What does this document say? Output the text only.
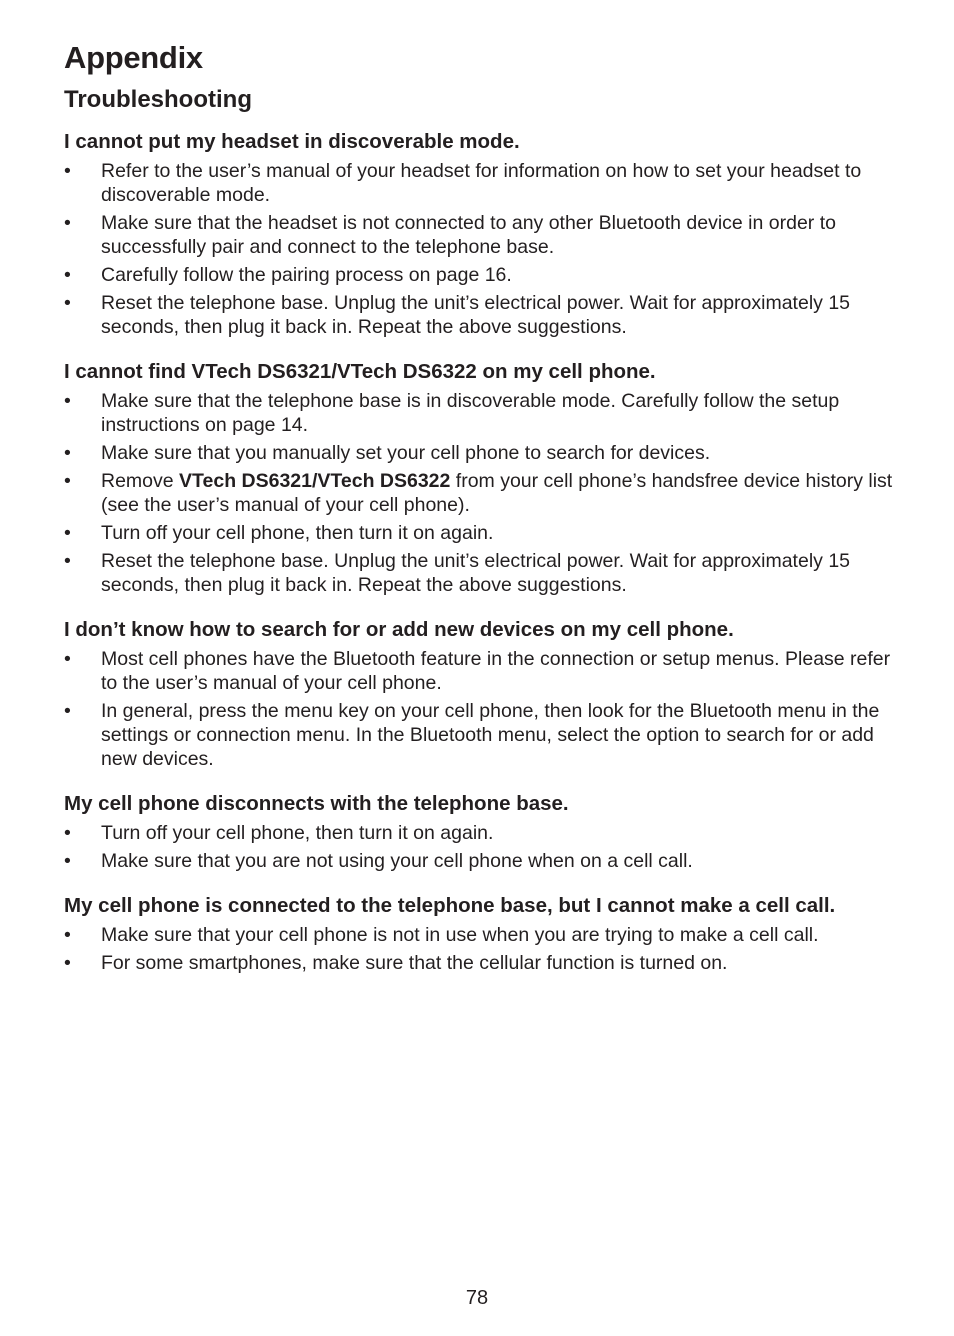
Appendix
Troubleshooting
I cannot put my headset in discoverable mode.
• Refer to the user’s manual of your headset for information on how to set your headset to discoverable mode.
• Make sure that the headset is not connected to any other Bluetooth device in order to successfully pair and connect to the telephone base.
• Carefully follow the pairing process on page 16.
• Reset the telephone base. Unplug the unit’s electrical power. Wait for approximately 15 seconds, then plug it back in. Repeat the above suggestions.
I cannot find VTech DS6321/VTech DS6322 on my cell phone.
• Make sure that the telephone base is in discoverable mode. Carefully follow the setup instructions on page 14.
• Make sure that you manually set your cell phone to search for devices.
• Remove VTech DS6321/VTech DS6322 from your cell phone’s handsfree device history list (see the user’s manual of your cell phone).
• Turn off your cell phone, then turn it on again.
• Reset the telephone base. Unplug the unit’s electrical power. Wait for approximately 15 seconds, then plug it back in. Repeat the above suggestions.
I don’t know how to search for or add new devices on my cell phone.
• Most cell phones have the Bluetooth feature in the connection or setup menus. Please refer to the user’s manual of your cell phone.
• In general, press the menu key on your cell phone, then look for the Bluetooth menu in the settings or connection menu. In the Bluetooth menu, select the option to search for or add new devices.
My cell phone disconnects with the telephone base.
• Turn off your cell phone, then turn it on again.
• Make sure that you are not using your cell phone when on a cell call.
My cell phone is connected to the telephone base, but I cannot make a cell call.
• Make sure that your cell phone is not in use when you are trying to make a cell call.
• For some smartphones, make sure that the cellular function is turned on.
78
